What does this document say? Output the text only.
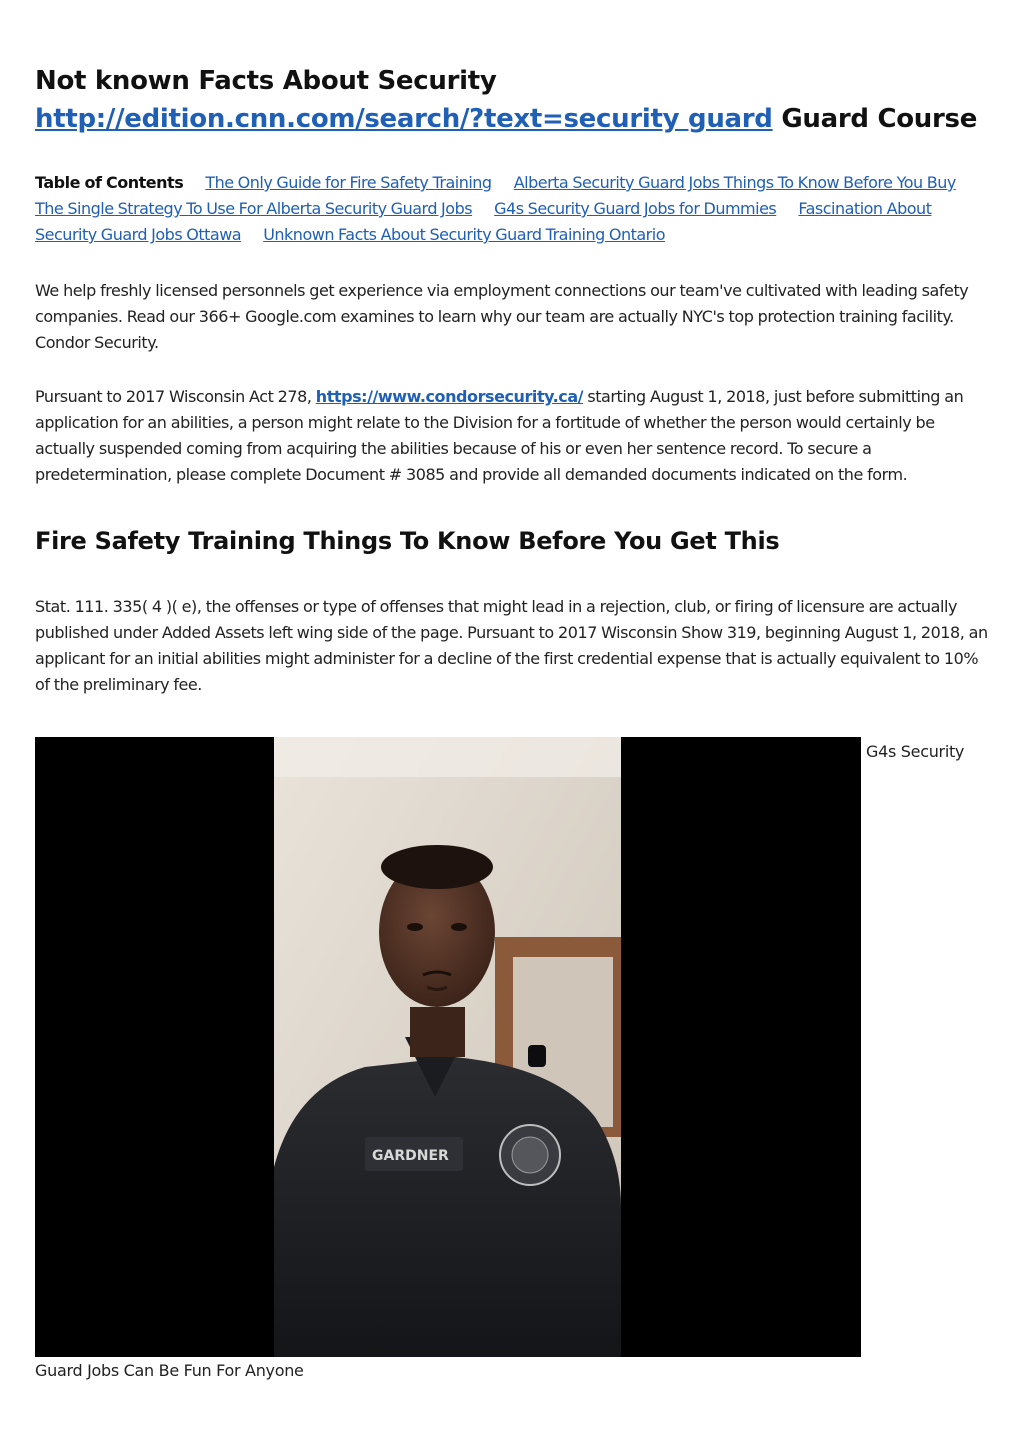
Not known Facts About Security
http://edition.cnn.com/search/?text=security guard Guard Course
Table of Contents The Only Guide for Fire Safety Training Alberta Security Guard Jobs Things To Know Before You Buy The Single Strategy To Use For Alberta Security Guard Jobs G4s Security Guard Jobs for Dummies Fascination About Security Guard Jobs Ottawa Unknown Facts About Security Guard Training Ontario

We help freshly licensed personnels get experience via employment connections our team've cultivated with leading safety companies. Read our 366+ Google.com examines to learn why our team are actually NYC's top protection training facility. Condor Security.

Pursuant to 2017 Wisconsin Act 278, https://www.condorsecurity.ca/ starting August 1, 2018, just before submitting an application for an abilities, a person might relate to the Division for a fortitude of whether the person would certainly be actually suspended coming from acquiring the abilities because of his or even her sentence record. To secure a predetermination, please complete Document # 3085 and provide all demanded documents indicated on the form.

Fire Safety Training Things To Know Before You Get This

Stat. 111. 335( 4 )( e), the offenses or type of offenses that might lead in a rejection, club, or firing of licensure are actually published under Added Assets left wing side of the page. Pursuant to 2017 Wisconsin Show 319, beginning August 1, 2018, an applicant for an initial abilities might administer for a decline of the first credential expense that is actually equivalent to 10% of the preliminary fee.

GARDNER
G4s Security
Guard Jobs Can Be Fun For Anyone
